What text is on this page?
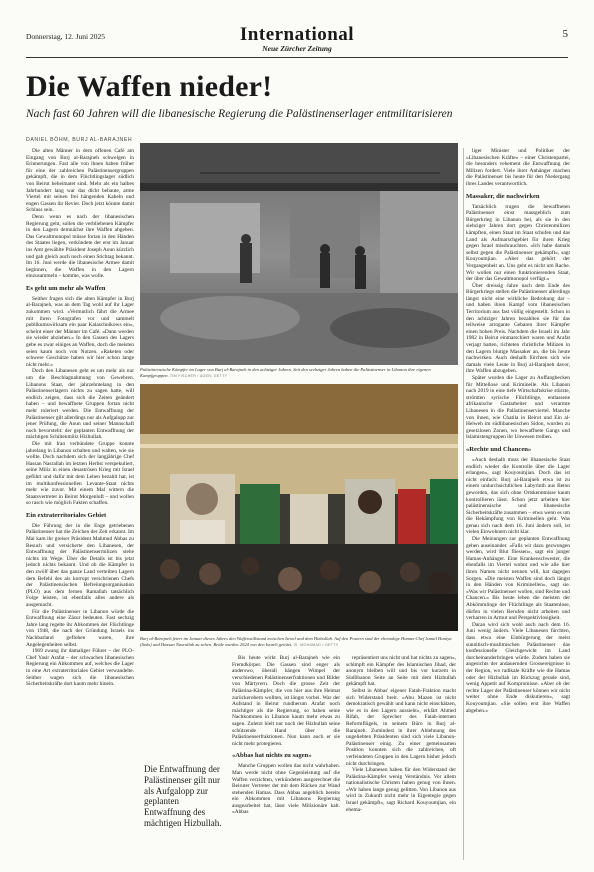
Donnerstag, 12. Juni 2025	International
Neue Zürcher Zeitung
5
Die Waffen nieder!
Nach fast 60 Jahren will die libanesische Regierung die Palästinenserlager entmilitarisieren
DANIEL BÖHM, BURJ AL-BARAJNEH

Die alten Männer in dem offenen Café am Eingang von Burj al-Barajneh schwelgen in Erinnerungen. Fast alle von ihnen haben früher für eine der zahlreichen Palästinensergruppen gekämpft, die in dem Flüchtlingslager südlich von Beirut beheimatet sind. Mehr als ein halbes Jahrhundert lang war das dicht bebaute, arme Viertel mit seinen frei hängenden Kabeln und engen Gassen ihr Revier. Doch jetzt könnte damit Schluss sein.

Denn wenn es nach der libanesischen Regierung geht, sollen die verbliebenen Kämpfer in den Lagern demnächst ihre Waffen abgeben. Das Gewaltmonopol müsse fortan in den Händen des Staates liegen, verkündete der erst im Januar ins Amt gewählte Präsident Joseph Aoun kürzlich und gab gleich auch noch einen Stichtag bekannt. Im 16. Juni werde die libanesische Armee damit beginnen, die Waffen in den Lagern einzusammeln – komme, was wolle.

Es geht um mehr als Waffen

Seither fragen sich die alten Kämpfer in Burj al-Barajneh, was an dem Tag wohl auf ihr Lager zukommen wird. «Vermutlich fährt die Armee mit ihren Fotografen vor und sammelt publikumswirksam ein paar Kalaschnikows ein», scheint einer der Männer im Café. «Dann werden sie wieder abziehen.» In den Gassen des Lagers gebe es zwar einiges an Waffen, doch die meisten seien kaum noch von Nutzen. «Raketen oder schwere Geschütze haben wir hier schon lange nicht mehr.»

Doch den Libanesen geht es um mehr als nur um die Beschlagnahmung von Gewehren. Libanons Staat, der jahrzehntelang in den Palästinenserlagern nichts zu sagen hatte, will endlich zeigen, dass sich die Zeiten geändert haben – und bewaffnete Gruppen fortan nicht mehr toleriert werden. Die Entwaffnung der Palästinenser gilt allerdings nur als Aufgalopp zur jener Prüfung, die Aoun und seiner Mannschaft noch bevorsteht: der geplanten Entwaffnung der mächtigen Schiitenmiliz Hizbullah.

Die mit Iran verbündete Gruppe konnte jahrelang in Libanon schalten und walten, wie sie wollte. Doch nachdem sich der langjährige Chef Hassan Nasrallah im letzten Herbst verspekuliert, seine Miliz in einen desaströsen Krieg mit Israel geführt und dafür mit dem Leben bezahlt hat, ist im multikonfessionellen Levante-Staat nichts mehr wie zuvor. Mit einem Mal wittern die Staatsvertreter in Beirut Morgenluft – und wollen so rasch wie möglich Fakten schaffen.

Ein extraterritoriales Gebiet

Die Führung der in die Enge getriebenen Palästinenser hat die Zeichen der Zeit erkannt. Im Mai kam ihr greiser Präsident Mahmud Abbas zu Besuch und versicherte den Libanesen, der Entwaffnung der Palästinensermilizen stehe nichts im Wege. Über die Details ist bis jetzt jedoch nichts bekannt. Und ob die Kämpfer in den zwölf über das ganze Land verteilten Lagern dem Befehl des als korrupt verschrienen Chefs der Palästinensischen Befreiungsorganisation (PLO) aus dem fernen Ramallah tatsächlich Folge leisten, ist ebenfalls alles andere als ausgemacht.

Für die Palästinenser in Libanon würde die Entwaffnung eine Zäsur bedeuten. Fast sechzig Jahre lang regelte ihr Abkommen der Flüchtlinge von 1948, die nach der Gründung Israels ins Nachbarland geflohen waren, ihre Angelegenheiten selbst.

1969 zwang ihr damaliger Führer – der PLO-Chef Yasir Arafat – der schwachen libanesischen Regierung ein Abkommen auf, welches die Lager in eine Art extraterritoriales Gebiet verwandelte. Seither wagen sich die libanesischen Sicherheitskräfte dort kaum mehr hinein.

Palästinensische Kämpfer im Lager von Burj al-Barajneh in den achtziger Jahren. Seit den sechziger Jahren haben die Palästinenser in Libanon ihre eigenen Kampfgruppen. TIM FISCHER / AGEN. GETTY
Burj al-Barajneh feiert im Januar dieses Jahres den Waffenstillstand zwischen Israel und dem Hizbullah. Auf den Postern sind der ehemalige Hamas-Chef Ismail Haniya (links) und Hassan Nasrallah zu sehen. Beide wurden 2024 von den Israeli getötet. IS. MOHAMAD / GETTY
Die Entwaffnung der Palästinenser gilt nur als Aufgalopp zur geplanten Entwaffnung des mächtigen Hizbullah.

Bis heute wirkt Burj al-Barajneh wie ein Fremdkörper. Die Gassen sind enger als anderswo, überall hängen Wimpel der verschiedenen Palästinenserfraktionen und Bilder von Märtyrern. Doch die grosse Zeit der Palästina-Kämpfer, die von hier aus ihre Heimat zurückerobern wollten, ist längst vorbei. War der Aufstand in Beirut rundherum Arafat noch mächtiger als die Regierung, so haben seine Nachkommen in Libanon kaum mehr etwas zu sagen. Zuletzt hielt nur noch der Hizbullah seine schützende Hand über die Palästinenserfraktionen. Nun kann auch er sie nicht mehr protegieren.

«Abbas hat nichts zu sagen»

Manche Gruppen wollen das nicht wahrhaben. Man werde nicht ohne Gegenleistung auf die Waffen verzichten, verkündeten ausgerechnet die Beiruter Vertreter der mit dem Rücken zur Wand stehenden Hamas. Dass Abbas angeblich bereits ein Abkommen mit Libanons Regierung ausgearbeitet hat, lässt viele Milizionäre kalt. «Abbas

repräsentiert uns nicht und hat nichts zu sagen», schimpft ein Kämpfer des Islamischen Jihad, der anonym bleiben will und bis vor kurzem in Südlibanon Seite an Seite mit dem Hizbullah gekämpft hat.

Selbst in Abbas' eigener Fatah-Fraktion macht sich Widerstand breit. «Abu Mazen ist nicht demokratisch gewählt und kann nicht einschätzen, wie es in den Lagern aussieht», erklärt Ahmed Rifah, der Sprecher des Fatah-internen Reformflügels, in seinem Büro in Burj al-Barajneh. Zumindest in ihrer Ablehnung des ungeliebten Präsidenten sind sich viele Libanon-Palästinenser einig. Zu einer gemeinsamen Position konnten sich die zahlreichen, oft verfeindeten Gruppen in den Lagern bisher jedoch nicht durchringen.

Viele Libanesen haben für den Widerstand der Palästina-Kämpfer wenig Verständnis. Vor allem nationalistische Christen haben genug von ihnen. «Wir haben lange genug gelitten. Von Libanon aus wird in Zukunft nicht mehr in Eigentegie gegen Israel gekämpft», sagt Richard Kouyoumjian, ein ehema-

liger Minister und Politiker der «Libanesischen Kräfte» – einer Christenpartei, die besonders vehement die Entwaffnung der Milizen fordert. Viele ihrer Anhänger machen die Palästinenser bis heute für den Niedergang ihres Landes verantwortlich.

Massaker, die nachwirken

Tatsächlich trugen die bewaffneten Palästinenser einst massgeblich zum Bürgerkrieg in Libanon bei, als sie in den siebziger Jahren dort gegen Christenmilizen kämpften, einen Staat im Staat schufen und das Land als Aufmarschgebiet für ihren Krieg gegen Israel missbrauchten. «Ich habe damals selbst gegen die Palästinenser gekämpft», sagt Kouyoumjian. «Aber das gehört der Vergangenheit an. Uns geht es nicht um Rache. Wir wollen nur einen funktionierenden Staat, der über das Gewaltmonopol verfügt.»

Über dreissig Jahre nach dem Ende des Bürgerkriegs stellen die Palästinenser allerdings längst nicht eine wirkliche Bedrohung dar – und haben ihren Kampf vom libanesischen Territorium aus fast völlig eingestellt. Schon in den achtziger Jahren bezahlten sie für das teilweise arrogante Gebaren ihrer Kämpfer einen hohen Preis. Nachdem die Israeli im Jahr 1982 in Beirut einmarschiert waren und Arafat verjagt hatten, richteten christliche Milizen in den Lagern blutige Massaker an, die bis heute nachwirken. Auch deshalb fürchten sich wie damals viele Leute in Burj al-Barajneh davor, ihre Waffen abzugeben.

Später wurden die Lager zu Auffangbecken für Mittellose und Kriminelle. Als Libanon nach 2019 in eine tiefe Wirtschaftskrise stürzte, strömten syrische Flüchtlinge, entlassene afrikanische Gastarbeiter und verarmte Libanesen in die Palästinenserviertel. Manche von ihnen, wie Chatila in Beirut und Ein al-Helweh im südlibanesischen Sidon, wurden zu gesetzlosen Zonen, wo bewaffnete Gangs und Islamistengruppen ihr Unwesen treiben.

«Rechte und Chancen»

«Auch deshalb muss der libanesische Staat endlich wieder die Kontrolle über die Lager erlangen», sagt Kouyoumjian. Doch das ist nicht einfach: Burj al-Barajneh etwa ist zu einem undurchsichtlichen Labyrinth aus Beton geworden, das sich ohne Ortskenntnisse kaum kontrollieren lässt. Schon jetzt arbeiten hier palästinensische und libanesische Sicherheitskräfte zusammen – etwa wenn es um die Bekämpfung von Kriminellen geht. Was genau sich nach dem 16. Juni ändern soll, ist vielen Einwohnern nicht klar.

Die Meinungen zur geplanten Entwaffnung gehen auseinander. «Falls wir dazu gezwungen werden, wird Blut fliessen», sagt ein junger Hamas-Anhänger. Eine Krankenschwester, die ebenfalls im Viertel wohnt und wie alle hier ihren Namen nicht nennen will, hat dagegen Sorgen. «Die meisten Waffen sind doch längst in den Händen von Kriminellen», sagt sie. «Was wir Palästinenser wollen, sind Rechte und Chancen.» Bis heute leben die meisten der Abkömmlinge der Flüchtlinge als Staatenlose, dürfen in vielen Berufen nicht arbeiten und verharren in Armut und Perspektivlosigkeit.

Daran wird sich wohl auch nach dem 16. Juni wenig ändern. Viele Libanesen fürchten, dass etwa eine Einbürgerung der meist sunnitisch-muslimischen Palästinenser das konfessionelle Gleichgewicht im Land durcheinanderbringen würde. Zudem haben sie angesichts der andauernden Grossereignisse in der Region, wo radikale Kräfte wie die Hamas oder der Hizbullah im Rückzug gerade sind, wenig Appetit auf Kompromisse. «Aber ob der rechte Lager der Palästinenser können wir nicht weiter ohne Ende diskutieren», sagt Kouyoumjian. «Sie sollen erst ihre Waffen abgeben.»
